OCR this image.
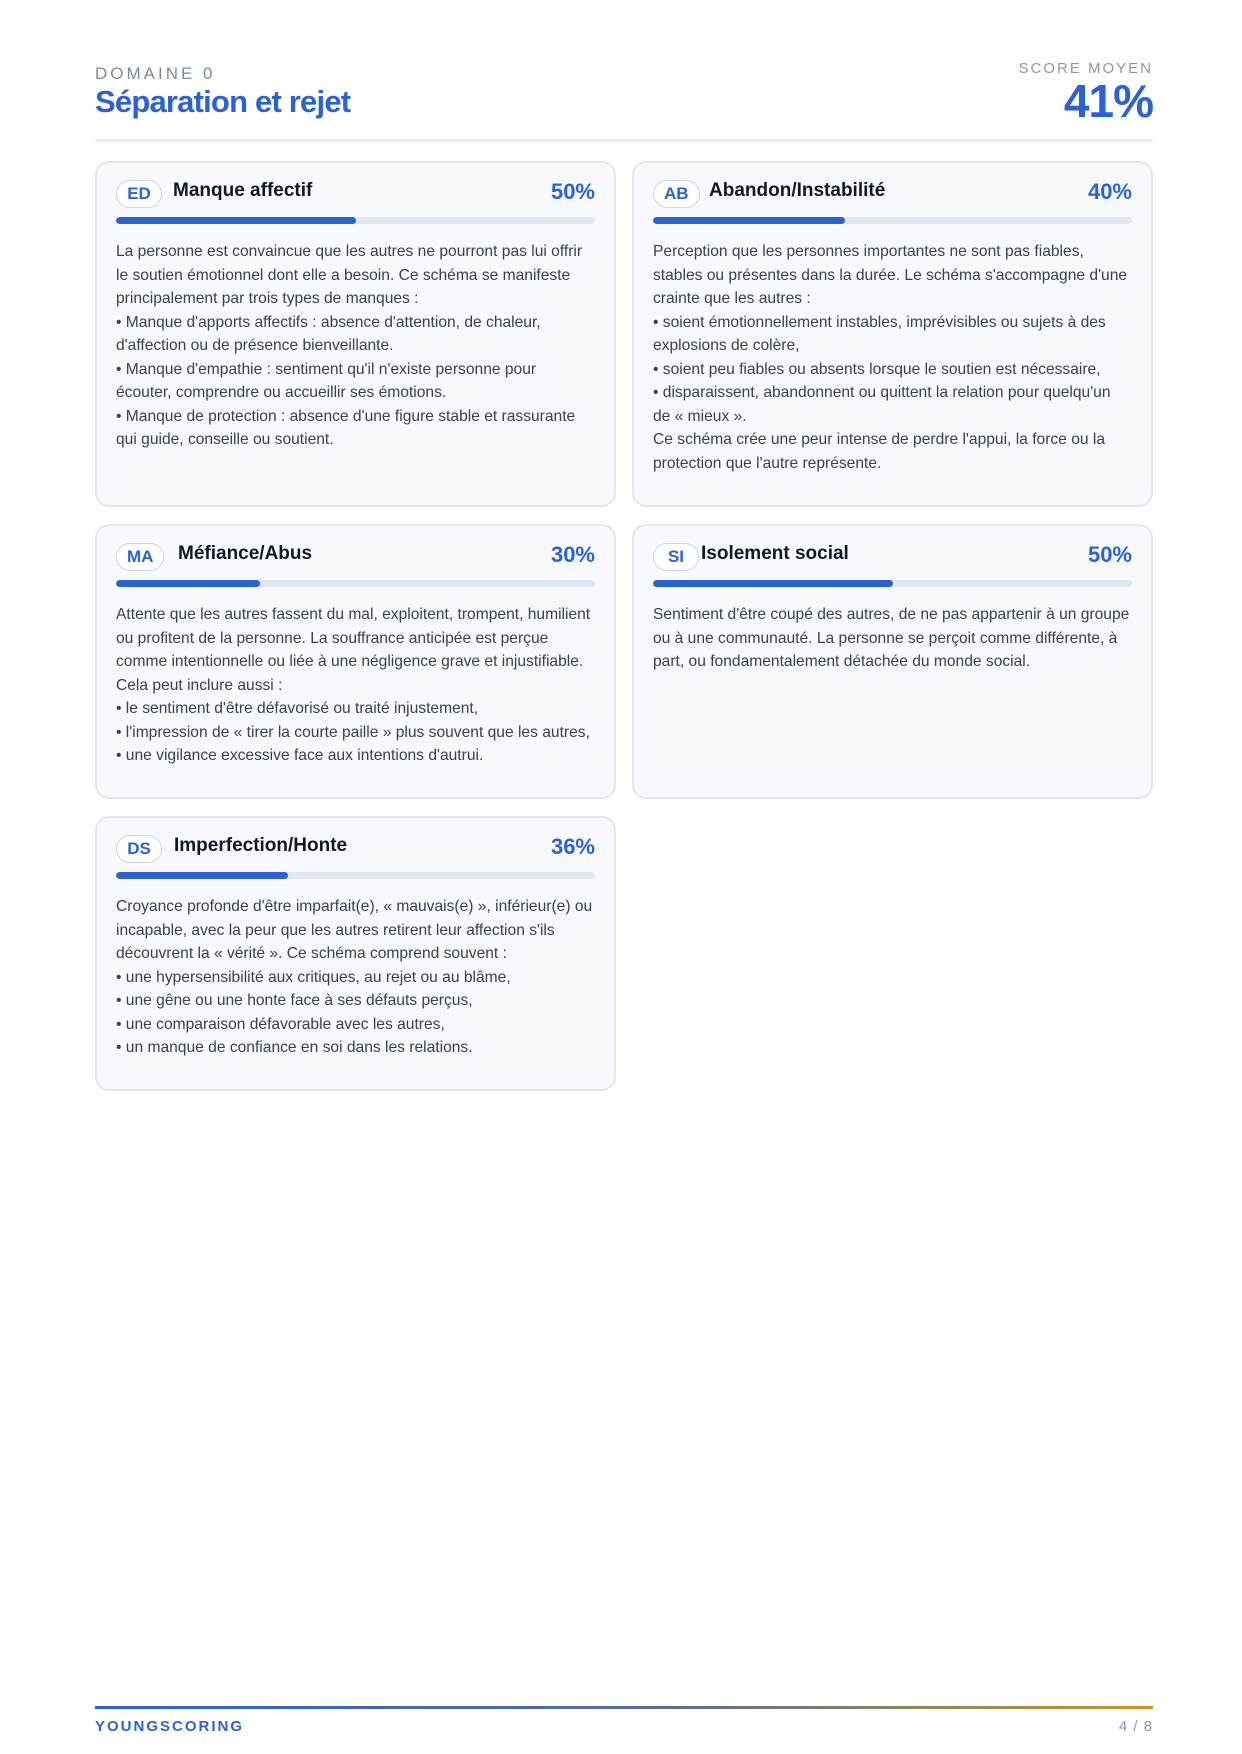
DOMAINE 0
Séparation et rejet
SCORE MOYEN
41%
ED	Manque affectif	50%
La personne est convaincue que les autres ne pourront pas lui offrir le soutien émotionnel dont elle a besoin. Ce schéma se manifeste principalement par trois types de manques :
• Manque d'apports affectifs : absence d'attention, de chaleur, d'affection ou de présence bienveillante.
• Manque d'empathie : sentiment qu'il n'existe personne pour écouter, comprendre ou accueillir ses émotions.
• Manque de protection : absence d'une figure stable et rassurante qui guide, conseille ou soutient.
AB	Abandon/Instabilité	40%
Perception que les personnes importantes ne sont pas fiables, stables ou présentes dans la durée. Le schéma s'accompagne d'une crainte que les autres :
• soient émotionnellement instables, imprévisibles ou sujets à des explosions de colère,
• soient peu fiables ou absents lorsque le soutien est nécessaire,
• disparaissent, abandonnent ou quittent la relation pour quelqu'un de « mieux ».
Ce schéma crée une peur intense de perdre l'appui, la force ou la protection que l'autre représente.
MA	Méfiance/Abus	30%
Attente que les autres fassent du mal, exploitent, trompent, humilient ou profitent de la personne. La souffrance anticipée est perçue comme intentionnelle ou liée à une négligence grave et injustifiable. Cela peut inclure aussi :
• le sentiment d'être défavorisé ou traité injustement,
• l'impression de « tirer la courte paille » plus souvent que les autres,
• une vigilance excessive face aux intentions d'autrui.
SI Isolement social	50%
Sentiment d'être coupé des autres, de ne pas appartenir à un groupe ou à une communauté. La personne se perçoit comme différente, à part, ou fondamentalement détachée du monde social.
DS	Imperfection/Honte	36%
Croyance profonde d'être imparfait(e), « mauvais(e) », inférieur(e) ou incapable, avec la peur que les autres retirent leur affection s'ils découvrent la « vérité ». Ce schéma comprend souvent :
• une hypersensibilité aux critiques, au rejet ou au blâme,
• une gêne ou une honte face à ses défauts perçus,
• une comparaison défavorable avec les autres,
• un manque de confiance en soi dans les relations.
YOUNGSCORING	4 / 8
